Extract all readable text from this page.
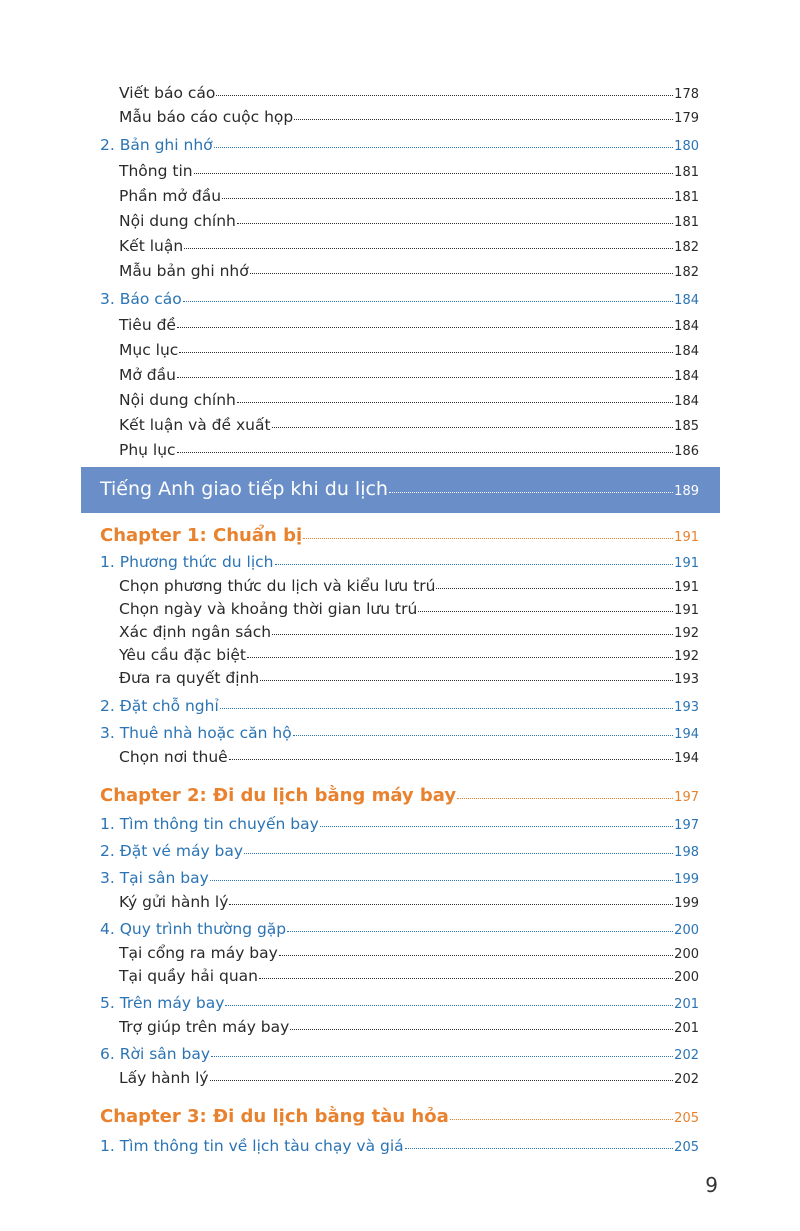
Viết báo cáo	178
Mẫu báo cáo cuộc họp	179
2. Bản ghi nhớ	180
Thông tin	181
Phần mở đầu	181
Nội dung chính	181
Kết luận	182
Mẫu bản ghi nhớ	182
3. Báo cáo	184
Tiêu đề	184
Mục lục	184
Mở đầu	184
Nội dung chính	184
Kết luận và đề xuất	185
Phụ lục	186
Tiếng Anh giao tiếp khi du lịch	189
Chapter 1: Chuẩn bị	191
1. Phương thức du lịch	191
Chọn phương thức du lịch và kiểu lưu trú	191
Chọn ngày và khoảng thời gian lưu trú	191
Xác định ngân sách	192
Yêu cầu đặc biệt	192
Đưa ra quyết định	193
2. Đặt chỗ nghỉ	193
3. Thuê nhà hoặc căn hộ	194
Chọn nơi thuê	194
Chapter 2: Đi du lịch bằng máy bay	197
1. Tìm thông tin chuyến bay	197
2. Đặt vé máy bay	198
3. Tại sân bay	199
Ký gửi hành lý	199
4. Quy trình thường gặp	200
Tại cổng ra máy bay	200
Tại quầy hải quan	200
5. Trên máy bay	201
Trợ giúp trên máy bay	201
6. Rời sân bay	202
Lấy hành lý	202
Chapter 3: Đi du lịch bằng tàu hỏa	205
1. Tìm thông tin về lịch tàu chạy và giá	205
9
